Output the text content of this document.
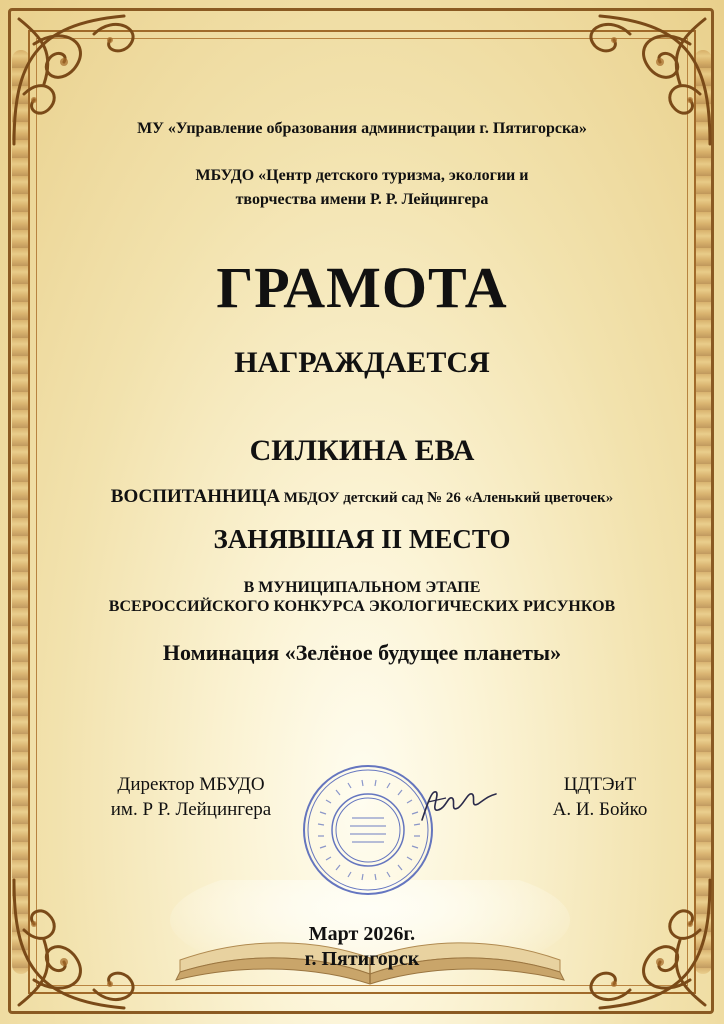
МУ «Управление образования администрации г. Пятигорска»
МБУДО «Центр детского туризма, экологии и
творчества имени Р. Р. Лейцингера
ГРАМОТА
НАГРАЖДАЕТСЯ
СИЛКИНА ЕВА
ВОСПИТАННИЦА МБДОУ детский сад № 26 «Аленький цветочек»
ЗАНЯВШАЯ II МЕСТО
В МУНИЦИПАЛЬНОМ ЭТАПЕ
ВСЕРОССИЙСКОГО КОНКУРСА ЭКОЛОГИЧЕСКИХ РИСУНКОВ
Номинация «Зелёное будущее планеты»
Директор МБУДО
им. Р Р. Лейцингера
ЦДТЭиТ
А. И. Бойко
Март 2026г.
г. Пятигорск
